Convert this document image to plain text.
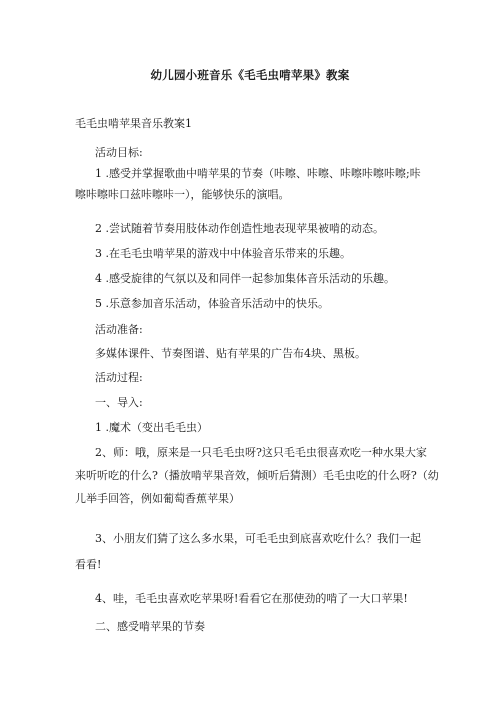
幼儿园小班音乐《毛毛虫啃苹果》教案
毛毛虫啃苹果音乐教案1
活动目标:
1 .感受并掌握歌曲中啃苹果的节奏（咔嚓、咔嚓、咔嚓咔嚓咔嚓;咔
嚓咔嚓咔口兹咔嚓咔一），能够快乐的演唱。
2 .尝试随着节奏用肢体动作创造性地表现苹果被啃的动态。
3 .在毛毛虫啃苹果的游戏中中体验音乐带来的乐趣。
4 .感受旋律的气氛以及和同伴一起参加集体音乐活动的乐趣。
5 .乐意参加音乐活动，体验音乐活动中的快乐。
活动准备:
多媒体课件、节奏图谱、贴有苹果的广告布4块、黑板。
活动过程:
一、导入:
1 .魔术（变出毛毛虫）
2、师：哦，原来是一只毛毛虫呀?这只毛毛虫很喜欢吃一种水果大家
来听听吃的什么?（播放啃苹果音效，倾听后猜测）毛毛虫吃的什么呀?（幼
儿举手回答，例如葡萄香蕉苹果）
3、小朋友们猜了这么多水果，可毛毛虫到底喜欢吃什么？我们一起
看看!
4、哇，毛毛虫喜欢吃苹果呀!看看它在那使劲的啃了一大口苹果!
二、感受啃苹果的节奏
